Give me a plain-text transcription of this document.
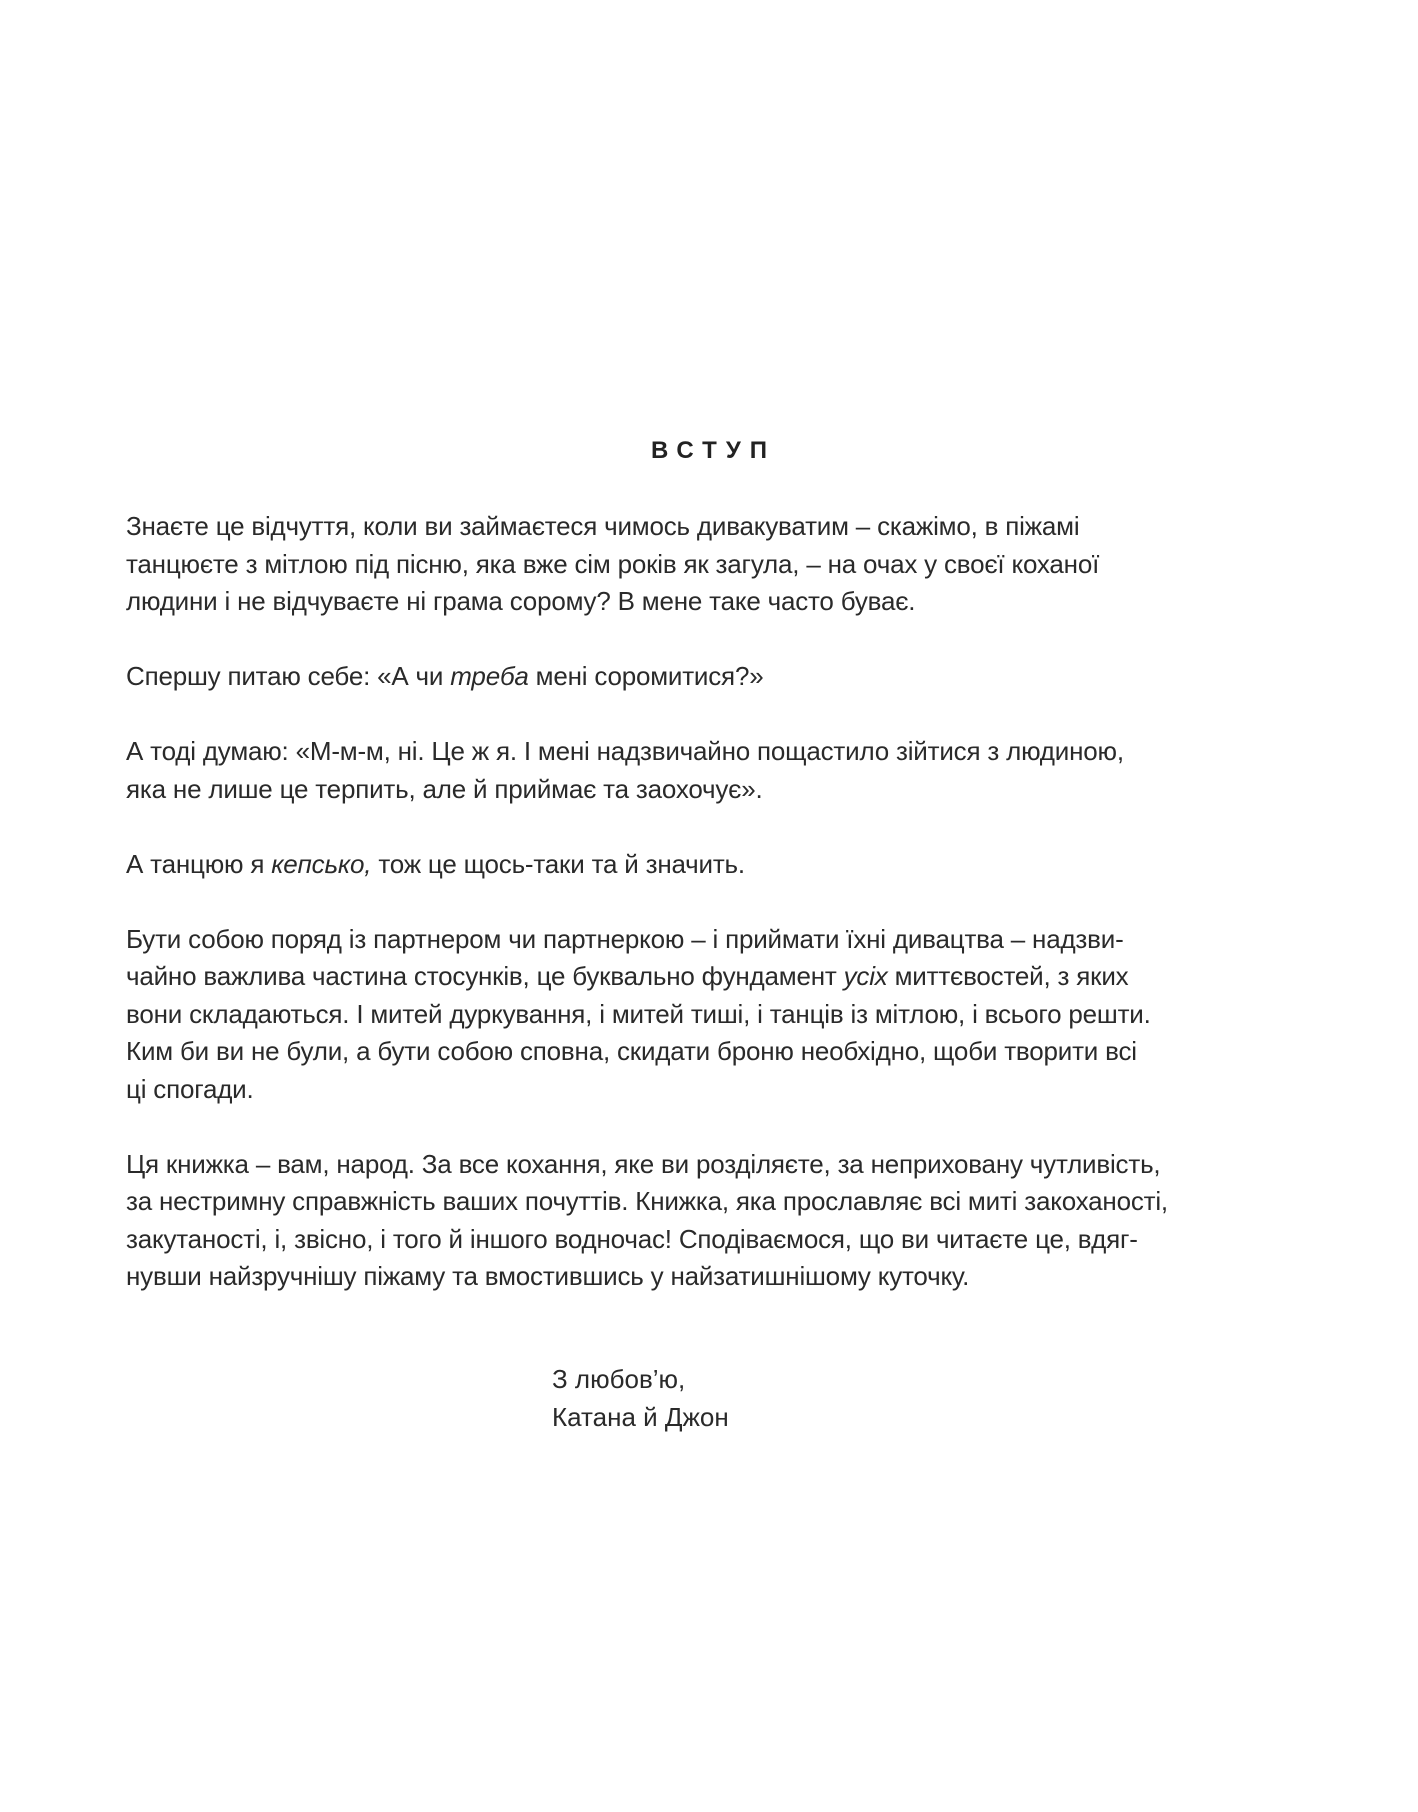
ВСТУП

Знаєте це відчуття, коли ви займаєтеся чимось дивакуватим – скажімо, в піжамі
танцюєте з мітлою під пісню, яка вже сім років як загула, – на очах у своєї коханої
людини і не відчуваєте ні грама сорому? В мене таке часто буває.

Спершу питаю себе: «А чи треба мені соромитися?»

А тоді думаю: «М-м-м, ні. Це ж я. І мені надзвичайно пощастило зійтися з людиною,
яка не лише це терпить, але й приймає та заохочує».

А танцюю я кепсько, тож це щось-таки та й значить.

Бути собою поряд із партнером чи партнеркою – і приймати їхні дивацтва – надзви-
чайно важлива частина стосунків, це буквально фундамент усіх миттєвостей, з яких
вони складаються. І митей дуркування, і митей тиші, і танців із мітлою, і всього решти.
Ким би ви не були, а бути собою сповна, скидати броню необхідно, щоби творити всі
ці спогади.

Ця книжка – вам, народ. За все кохання, яке ви розділяєте, за неприховану чутливість,
за нестримну справжність ваших почуттів. Книжка, яка прославляє всі миті закоханості,
закутаності, і, звісно, і того й іншого водночас! Сподіваємося, що ви читаєте це, вдяг-
нувши найзручнішу піжаму та вмостившись у найзатишнішому куточку.

З любов’ю,
Катана й Джон
